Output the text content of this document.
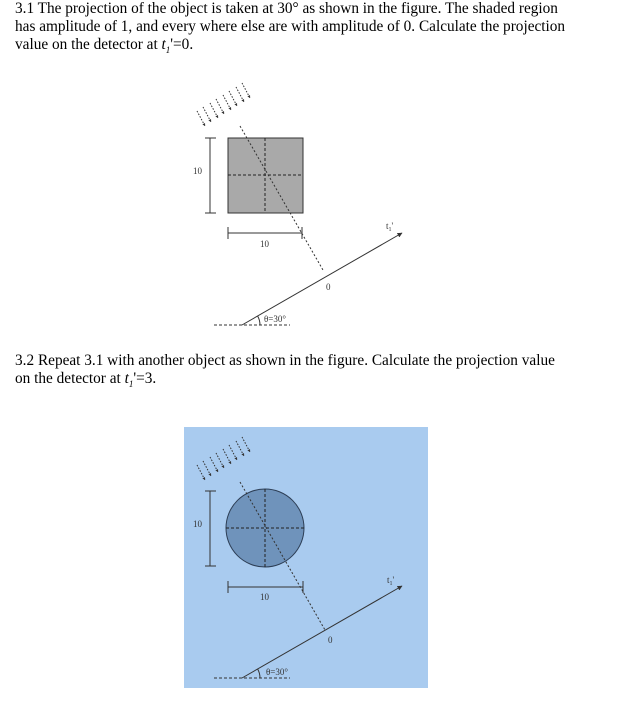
3.1 The projection of the object is taken at 30° as shown in the figure. The shaded region

has amplitude of 1, and every where else are with amplitude of 0. Calculate the projection

value on the detector at $t_1'=0$.

3.2 Repeat 3.1 with another object as shown in the figure. Calculate the projection value

on the detector at $t_1'=3$.

10
10
$t_1'$
0
θ=30°
10
10
$t_1'$
0
θ=30°
